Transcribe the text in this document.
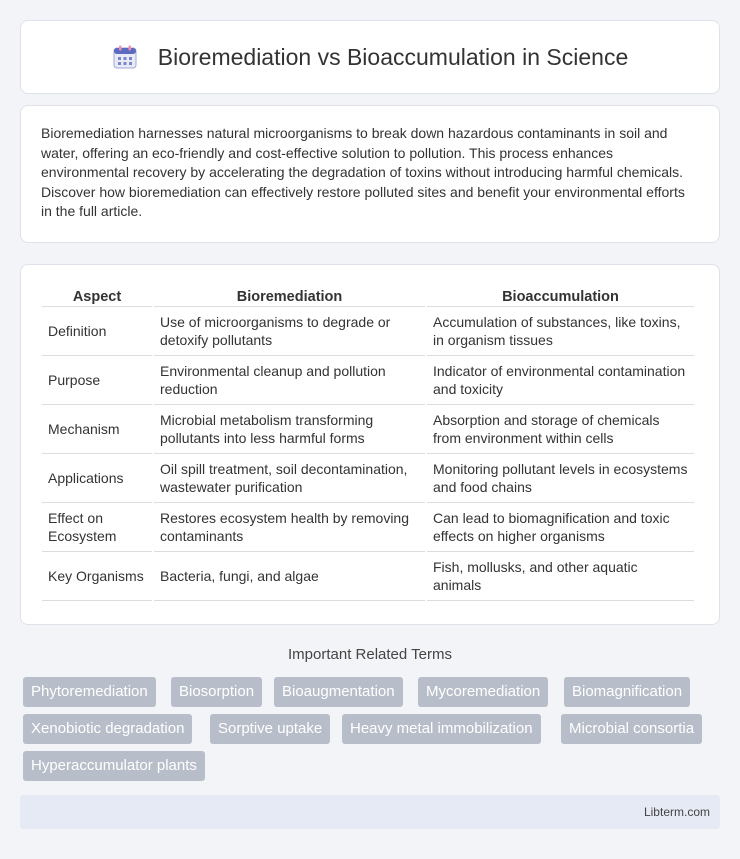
Bioremediation vs Bioaccumulation in Science

Bioremediation harnesses natural microorganisms to break down hazardous contaminants in soil and water, offering an eco-friendly and cost-effective solution to pollution. This process enhances environmental recovery by accelerating the degradation of toxins without introducing harmful chemicals. Discover how bioremediation can effectively restore polluted sites and benefit your environmental efforts in the full article.

Aspect	Bioremediation	Bioaccumulation
Definition	Use of microorganisms to degrade or detoxify pollutants	Accumulation of substances, like toxins, in organism tissues
Purpose	Environmental cleanup and pollution reduction	Indicator of environmental contamination and toxicity
Mechanism	Microbial metabolism transforming pollutants into less harmful forms	Absorption and storage of chemicals from environment within cells
Applications	Oil spill treatment, soil decontamination, wastewater purification	Monitoring pollutant levels in ecosystems and food chains
Effect on Ecosystem	Restores ecosystem health by removing contaminants	Can lead to biomagnification and toxic effects on higher organisms
Key Organisms	Bacteria, fungi, and algae	Fish, mollusks, and other aquatic animals
Important Related Terms
Phytoremediation	Biosorption	Bioaugmentation	Mycoremediation	Biomagnification
Xenobiotic degradation	Sorptive uptake	Heavy metal immobilization	Microbial consortia
Hyperaccumulator plants
Libterm.com
